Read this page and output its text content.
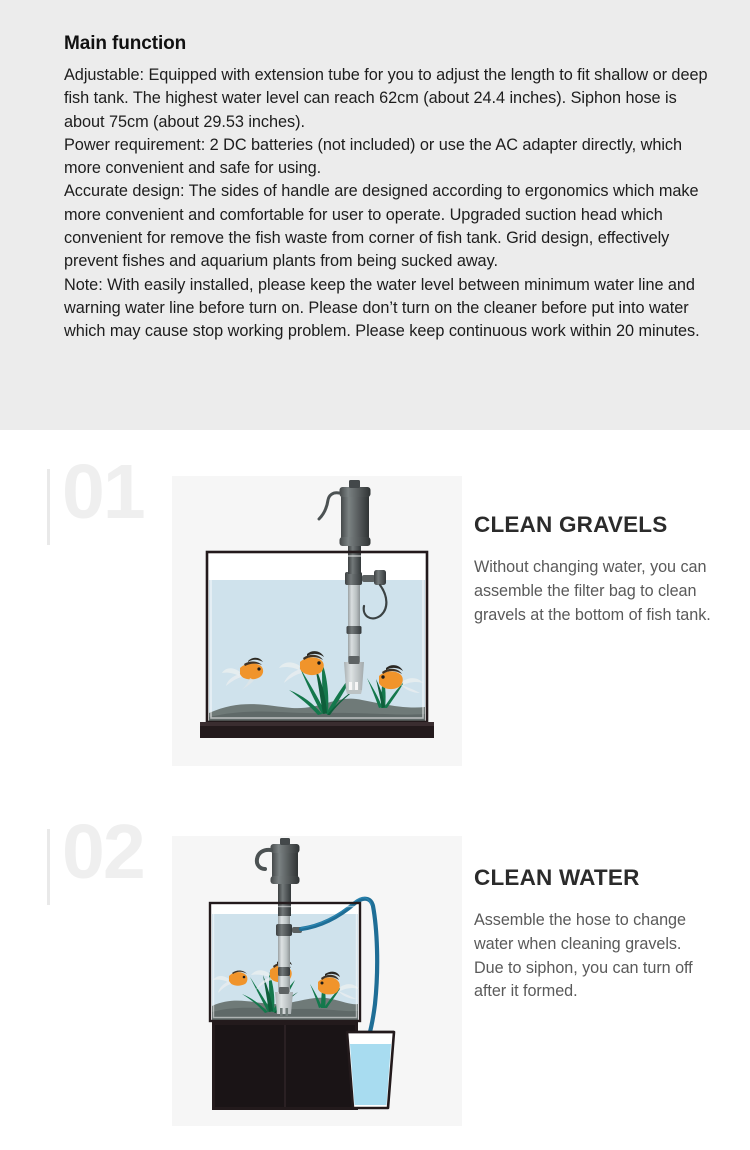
Main function

Adjustable: Equipped with extension tube for you to adjust the length to fit shallow or deep fish tank. The highest water level can reach 62cm (about 24.4 inches). Siphon hose is about 75cm (about 29.53 inches).

Power requirement: 2 DC batteries (not included) or use the AC adapter directly, which more convenient and safe for using.

Accurate design: The sides of handle are designed according to ergonomics which make more convenient and comfortable for user to operate. Upgraded suction head which convenient for remove the fish waste from corner of fish tank. Grid design, effectively prevent fishes and aquarium plants from being sucked away.

Note: With easily installed, please keep the water level between minimum water line and warning water line before turn on. Please don’t turn on the cleaner before put into water which may cause stop working problem. Please keep continuous work within 20 minutes.

01	CLEAN GRAVELS
Without changing water, you can assemble the filter bag to clean gravels at the bottom of fish tank.
02	CLEAN WATER

Assemble the hose to change water when cleaning gravels.

Due to siphon, you can turn off after it formed.
